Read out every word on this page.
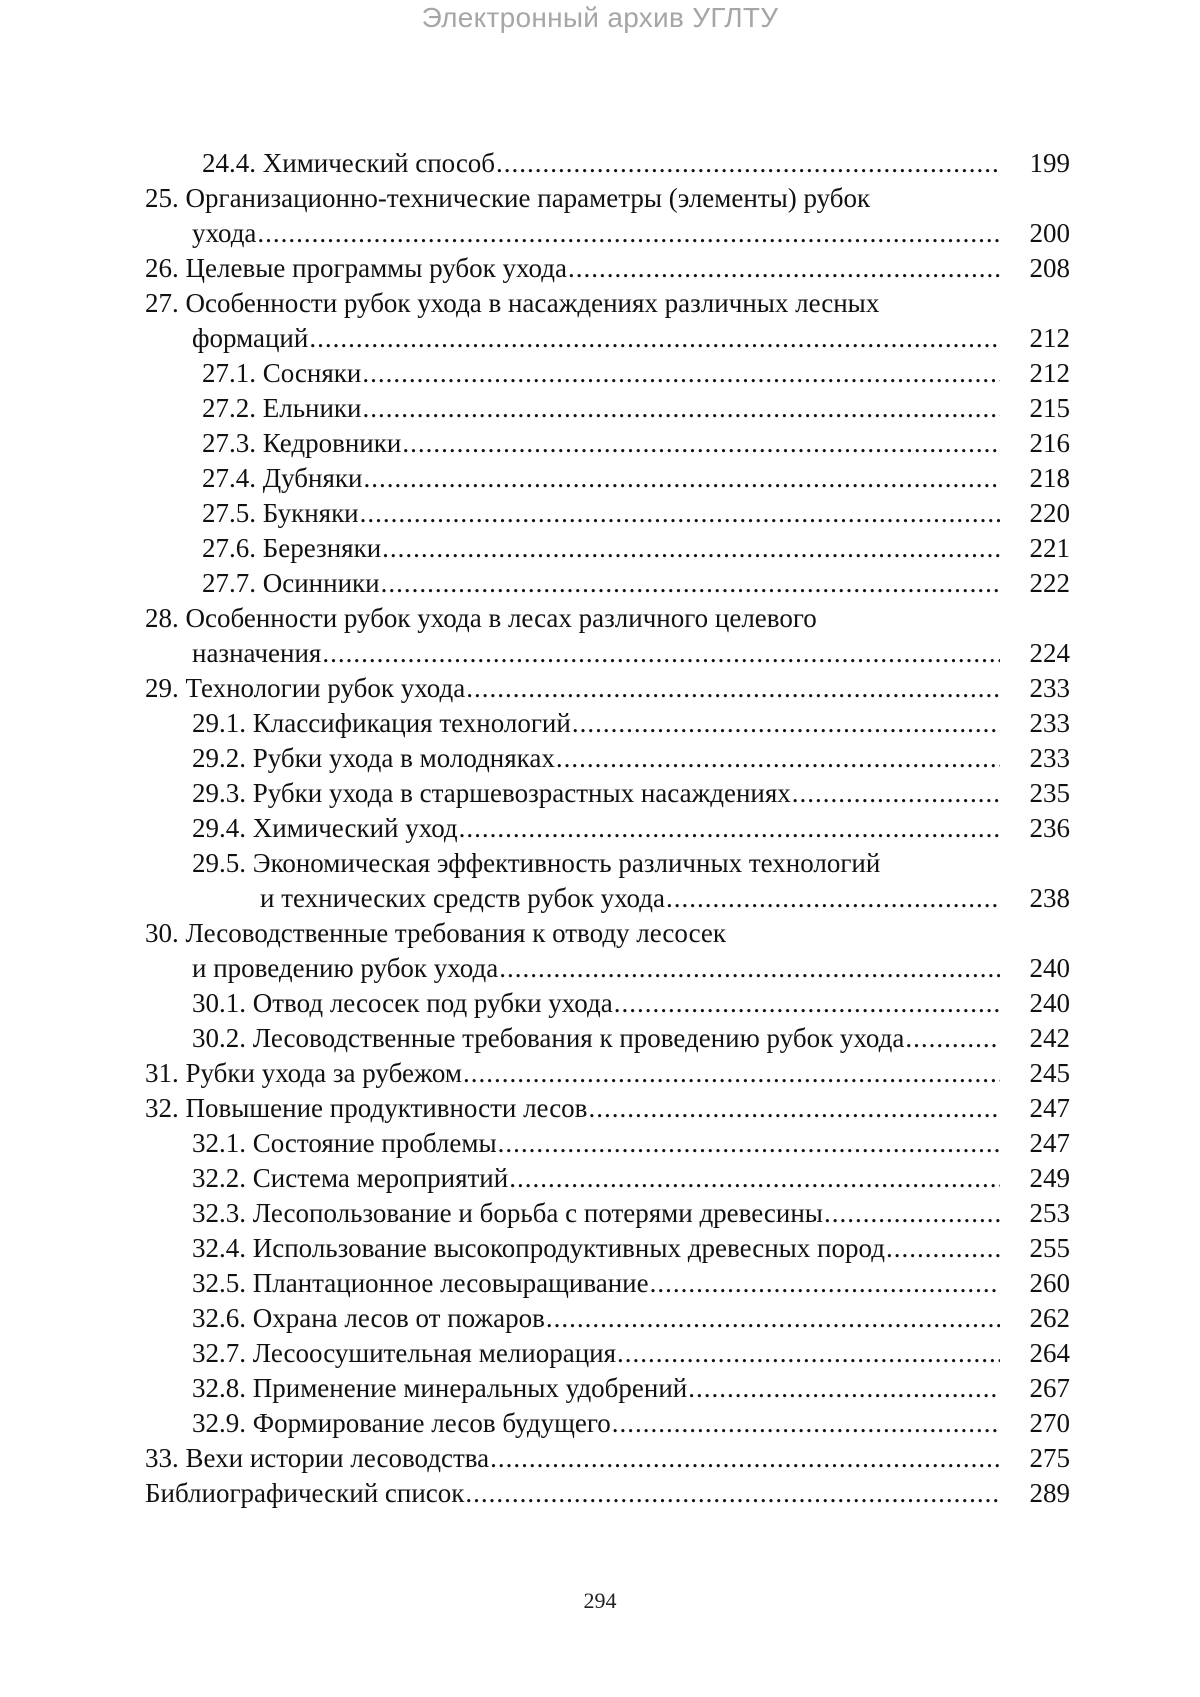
Электронный архив УГЛТУ
24.4. Химический способ .....	199
25. Организационно-технические параметры (элементы) рубок
ухода .....	200
26. Целевые программы рубок ухода .....	208
27. Особенности рубок ухода в насаждениях различных лесных
формаций .....	212
27.1. Сосняки .....	212
27.2. Ельники .....	215
27.3. Кедровники .....	216
27.4. Дубняки .....	218
27.5. Букняки .....	220
27.6. Березняки .....	221
27.7. Осинники .....	222
28. Особенности рубок ухода в лесах различного целевого
назначения .....	224
29. Технологии рубок ухода .....	233
29.1. Классификация технологий .....	233
29.2. Рубки ухода в молодняках .....	233
29.3. Рубки ухода в старшевозрастных насаждениях .....	235
29.4. Химический уход .....	236
29.5. Экономическая эффективность различных технологий
и технических средств рубок ухода .....	238
30. Лесоводственные требования к отводу лесосек
и проведению рубок ухода .....	240
30.1. Отвод лесосек под рубки ухода .....	240
30.2. Лесоводственные требования к проведению рубок ухода .....	242
31. Рубки ухода за рубежом .....	245
32. Повышение продуктивности лесов .....	247
32.1. Состояние проблемы .....	247
32.2. Система мероприятий .....	249
32.3. Лесопользование и борьба с потерями древесины .....	253
32.4. Использование высокопродуктивных древесных пород .....	255
32.5. Плантационное лесовыращивание .....	260
32.6. Охрана лесов от пожаров .....	262
32.7. Лесоосушительная мелиорация .....	264
32.8. Применение минеральных удобрений .....	267
32.9. Формирование лесов будущего .....	270
33. Вехи истории лесоводства .....	275
Библиографический список .....	289
294
